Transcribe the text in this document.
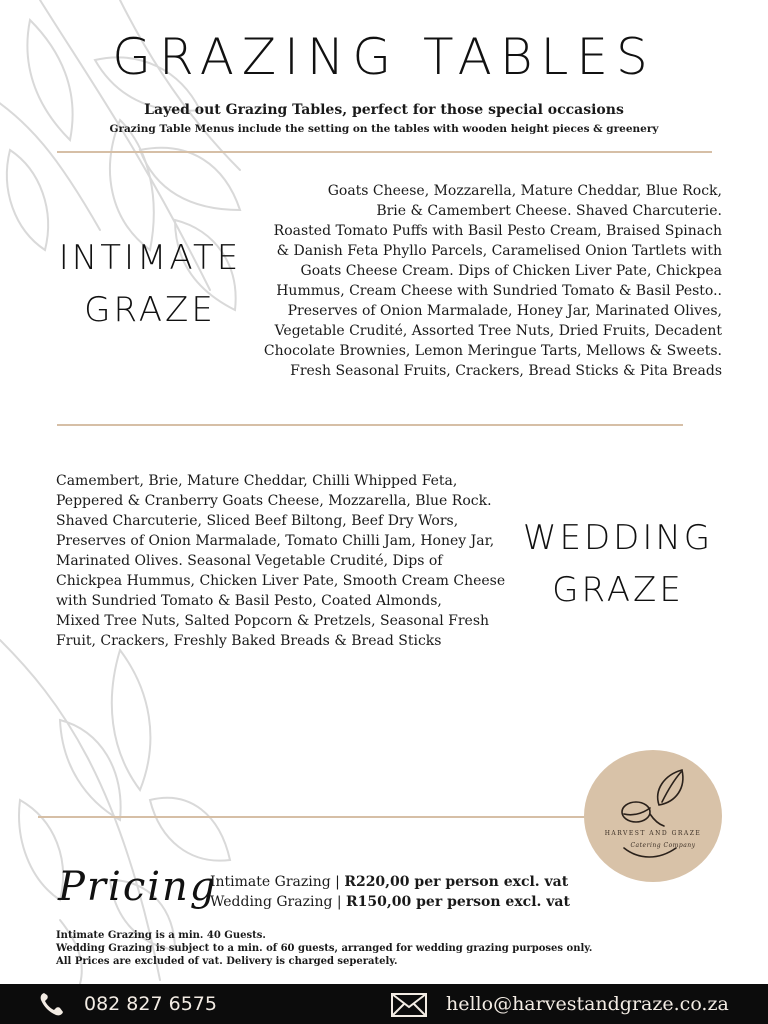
GRAZING TABLES
Layed out Grazing Tables, perfect for those special occasions
Grazing Table Menus include the setting on the tables with wooden height pieces & greenery
INTIMATE
GRAZE
Goats Cheese, Mozzarella, Mature Cheddar, Blue Rock,
Brie & Camembert Cheese. Shaved Charcuterie.
Roasted Tomato Puffs with Basil Pesto Cream, Braised Spinach
& Danish Feta Phyllo Parcels, Caramelised Onion Tartlets with
Goats Cheese Cream. Dips of Chicken Liver Pate, Chickpea
Hummus, Cream Cheese with Sundried Tomato & Basil Pesto..
Preserves of Onion Marmalade, Honey Jar, Marinated Olives,
Vegetable Crudité, Assorted Tree Nuts, Dried Fruits, Decadent
Chocolate Brownies, Lemon Meringue Tarts, Mellows & Sweets.
Fresh Seasonal Fruits, Crackers, Bread Sticks & Pita Breads
Camembert, Brie, Mature Cheddar, Chilli Whipped Feta,
Peppered & Cranberry Goats Cheese, Mozzarella, Blue Rock.
Shaved Charcuterie, Sliced Beef Biltong, Beef Dry Wors,
Preserves of Onion Marmalade, Tomato Chilli Jam, Honey Jar,
Marinated Olives. Seasonal Vegetable Crudité, Dips of
Chickpea Hummus, Chicken Liver Pate, Smooth Cream Cheese
with Sundried Tomato & Basil Pesto, Coated Almonds,
Mixed Tree Nuts, Salted Popcorn & Pretzels, Seasonal Fresh
Fruit, Crackers, Freshly Baked Breads & Bread Sticks
WEDDING
GRAZE
HARVEST AND GRAZE
Catering Company
Pricing
Intimate Grazing | R220,00 per person excl. vat
Wedding Grazing | R150,00 per person excl. vat
Intimate Grazing is a min. 40 Guests.
Wedding Grazing is subject to a min. of 60 guests, arranged for wedding grazing purposes only.
All Prices are excluded of vat. Delivery is charged seperately.
082 827 6575	hello@harvestandgraze.co.za
